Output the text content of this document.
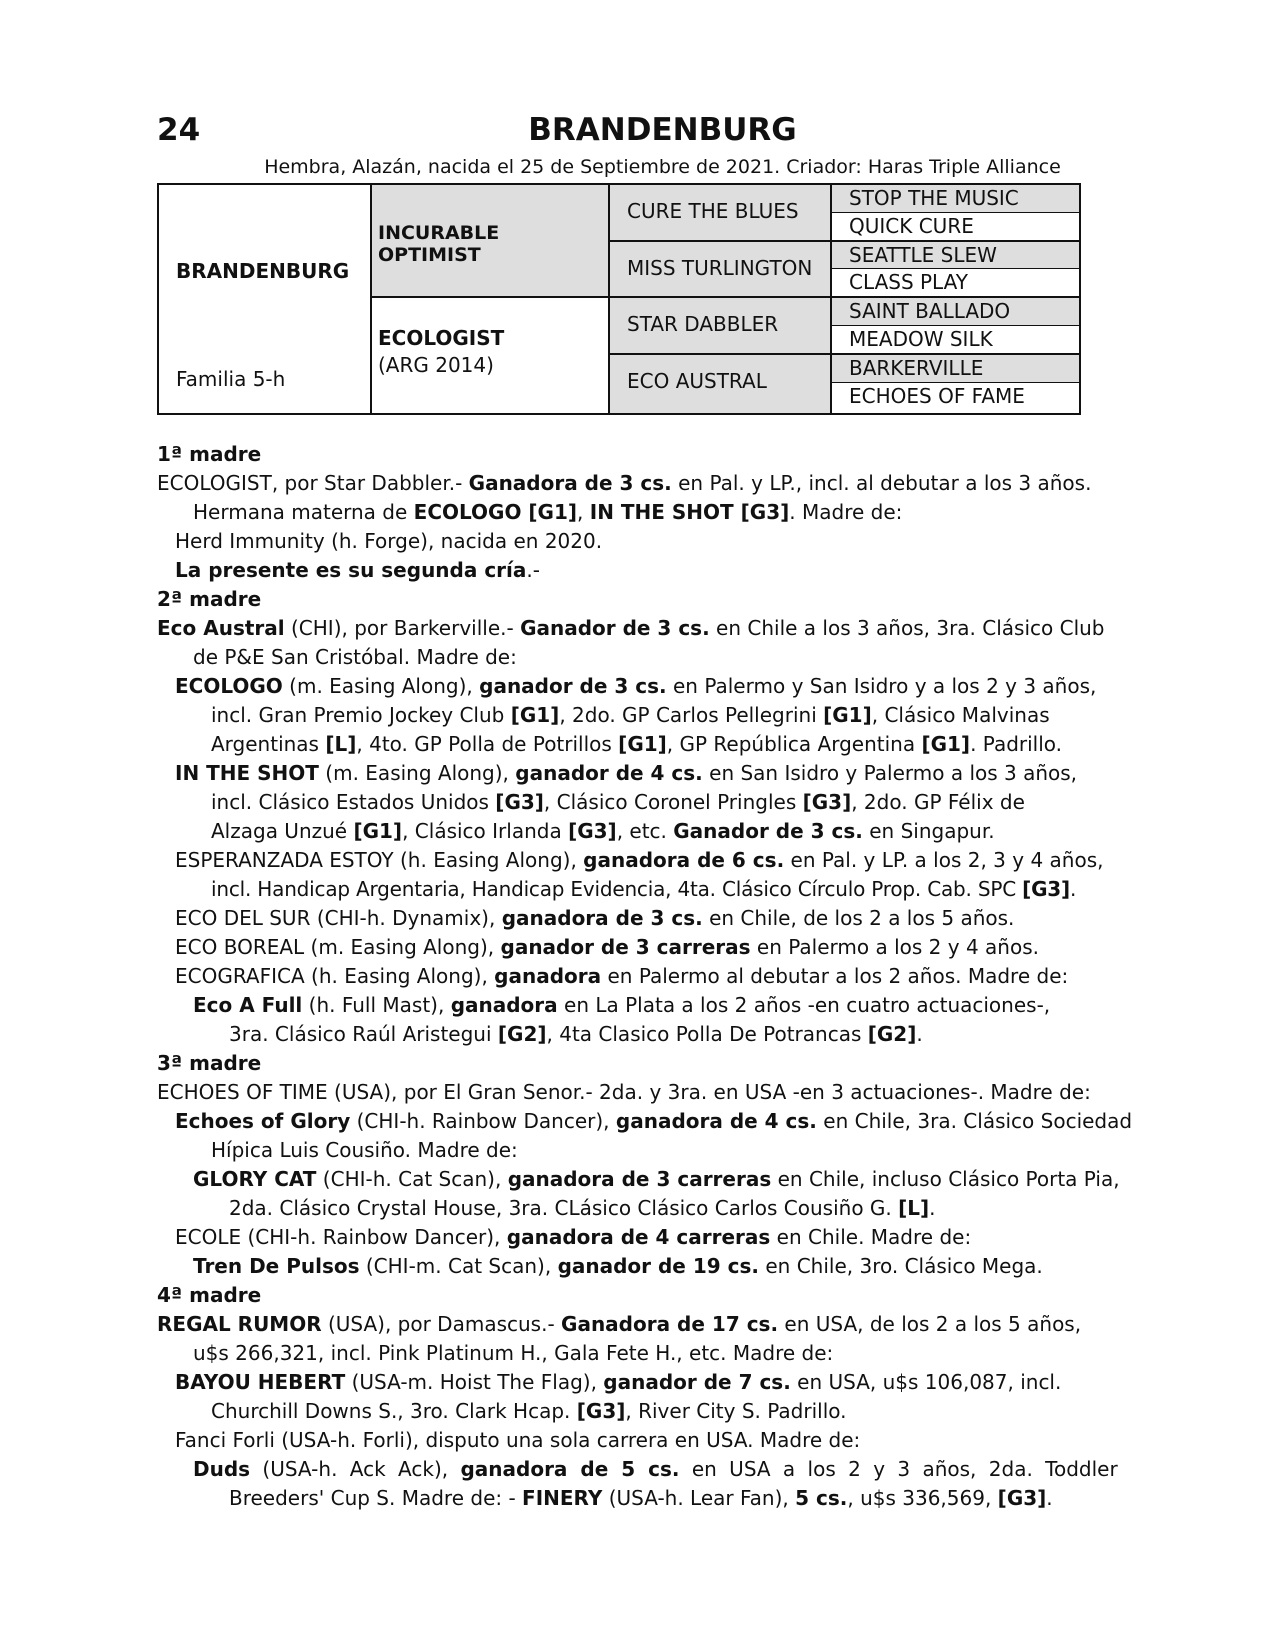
24	BRANDENBURG
Hembra, Alazán, nacida el 25 de Septiembre de 2021. Criador: Haras Triple Alliance
BRANDENBURG
Familia 5-h
INCURABLE OPTIMIST
ECOLOGIST
(ARG 2014)
CURE THE BLUES
MISS TURLINGTON
STAR DABBLER
ECO AUSTRAL
STOP THE MUSIC
QUICK CURE
SEATTLE SLEW
CLASS PLAY
SAINT BALLADO
MEADOW SILK
BARKERVILLE
ECHOES OF FAME
1ª madre
ECOLOGIST, por Star Dabbler.- Ganadora de 3 cs. en Pal. y LP., incl. al debutar a los 3 años.
Hermana materna de ECOLOGO [G1], IN THE SHOT [G3]. Madre de:
Herd Immunity (h. Forge), nacida en 2020.
La presente es su segunda cría.-
2ª madre
Eco Austral (CHI), por Barkerville.- Ganador de 3 cs. en Chile a los 3 años, 3ra. Clásico Club
de P&E San Cristóbal. Madre de:
ECOLOGO (m. Easing Along), ganador de 3 cs. en Palermo y San Isidro y a los 2 y 3 años,
incl. Gran Premio Jockey Club [G1], 2do. GP Carlos Pellegrini [G1], Clásico Malvinas
Argentinas [L], 4to. GP Polla de Potrillos [G1], GP República Argentina [G1]. Padrillo.
IN THE SHOT (m. Easing Along), ganador de 4 cs. en San Isidro y Palermo a los 3 años,
incl. Clásico Estados Unidos [G3], Clásico Coronel Pringles [G3], 2do. GP Félix de
Alzaga Unzué [G1], Clásico Irlanda [G3], etc. Ganador de 3 cs. en Singapur.
ESPERANZADA ESTOY (h. Easing Along), ganadora de 6 cs. en Pal. y LP. a los 2, 3 y 4 años,
incl. Handicap Argentaria, Handicap Evidencia, 4ta. Clásico Círculo Prop. Cab. SPC [G3].
ECO DEL SUR (CHI-h. Dynamix), ganadora de 3 cs. en Chile, de los 2 a los 5 años.
ECO BOREAL (m. Easing Along), ganador de 3 carreras en Palermo a los 2 y 4 años.
ECOGRAFICA (h. Easing Along), ganadora en Palermo al debutar a los 2 años. Madre de:
Eco A Full (h. Full Mast), ganadora en La Plata a los 2 años -en cuatro actuaciones-,
3ra. Clásico Raúl Aristegui [G2], 4ta Clasico Polla De Potrancas [G2].
3ª madre
ECHOES OF TIME (USA), por El Gran Senor.- 2da. y 3ra. en USA -en 3 actuaciones-. Madre de:
Echoes of Glory (CHI-h. Rainbow Dancer), ganadora de 4 cs. en Chile, 3ra. Clásico Sociedad
Hípica Luis Cousiño. Madre de:
GLORY CAT (CHI-h. Cat Scan), ganadora de 3 carreras en Chile, incluso Clásico Porta Pia,
2da. Clásico Crystal House, 3ra. CLásico Clásico Carlos Cousiño G. [L].
ECOLE (CHI-h. Rainbow Dancer), ganadora de 4 carreras en Chile. Madre de:
Tren De Pulsos (CHI-m. Cat Scan), ganador de 19 cs. en Chile, 3ro. Clásico Mega.
4ª madre
REGAL RUMOR (USA), por Damascus.- Ganadora de 17 cs. en USA, de los 2 a los 5 años,
u$s 266,321, incl. Pink Platinum H., Gala Fete H., etc. Madre de:
BAYOU HEBERT (USA-m. Hoist The Flag), ganador de 7 cs. en USA, u$s 106,087, incl.
Churchill Downs S., 3ro. Clark Hcap. [G3], River City S. Padrillo.
Fanci Forli (USA-h. Forli), disputo una sola carrera en USA. Madre de:
Duds (USA-h. Ack Ack), ganadora de 5 cs. en USA a los 2 y 3 años, 2da. Toddler
Breeders' Cup S. Madre de: - FINERY (USA-h. Lear Fan), 5 cs., u$s 336,569, [G3].
